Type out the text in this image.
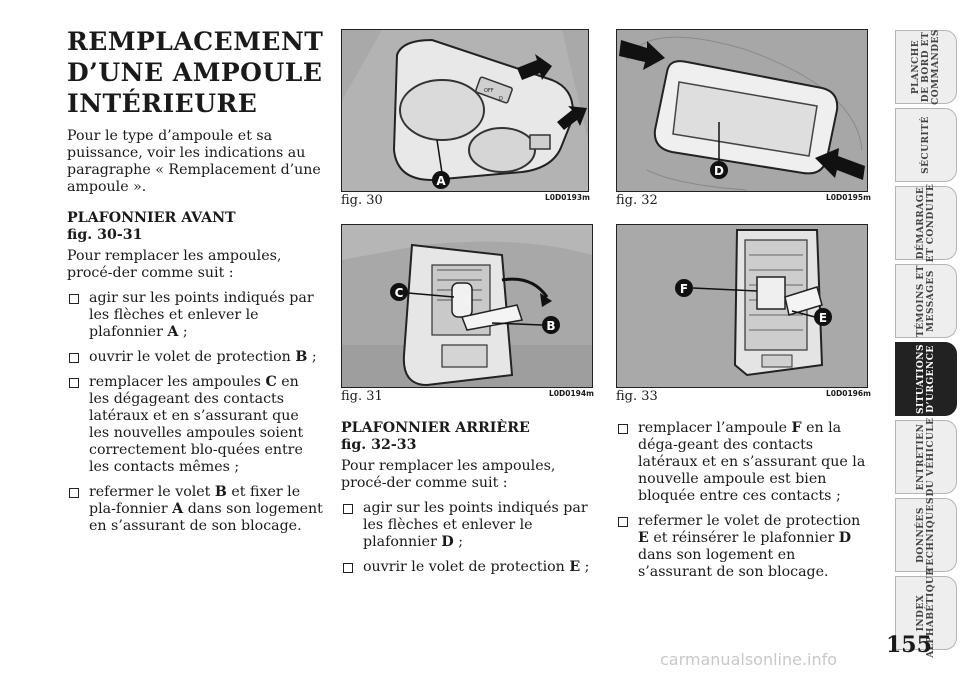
REMPLACEMENT D’UNE AMPOULE INTÉRIEURE

Pour le type d’ampoule et sa puissance, voir les indications au paragraphe « Remplacement d’une ampoule ».

PLAFONNIER AVANT

fig. 30-31

Pour remplacer les ampoules, procé-der comme suit :

agir sur les points indiqués par les flèches et enlever le plafonnier A ;
ouvrir le volet de protection B ;
remplacer les ampoules C en les dégageant des contacts latéraux et en s’assurant que les nouvelles ampoules soient correctement blo-quées entre les contacts mêmes ;
refermer le volet B et fixer le pla-fonnier A dans son logement en s’assurant de son blocage.
OFF
D
A
fig. 30	L0D0193m
D
fig. 32	L0D0195m
C
B
fig. 31	L0D0194m
F
E
fig. 33	L0D0196m

PLAFONNIER ARRIÈRE

fig. 32-33

Pour remplacer les ampoules, procé-der comme suit :

agir sur les points indiqués par les flèches et enlever le plafonnier D ;
ouvrir le volet de protection E ;
remplacer l’ampoule F en la déga-geant des contacts latéraux et en s’assurant que la nouvelle ampoule est bien bloquée entre ces contacts ;
refermer le volet de protection E et réinsérer le plafonnier D dans son logement en s’assurant de son blocage.
PLANCHE
DE BORD ET
COMMANDES
SÉCURITÉ
DÉMARRAGE
ET CONDUITE
TÉMOINS ET
MESSAGES
SITUATIONS
D’URGENCE
ENTRETIEN
DU VÉHICULE
DONNÉES
TECHNIQUES
INDEX
ALPHABÉTIQUE
155
carmanualsonline.info
